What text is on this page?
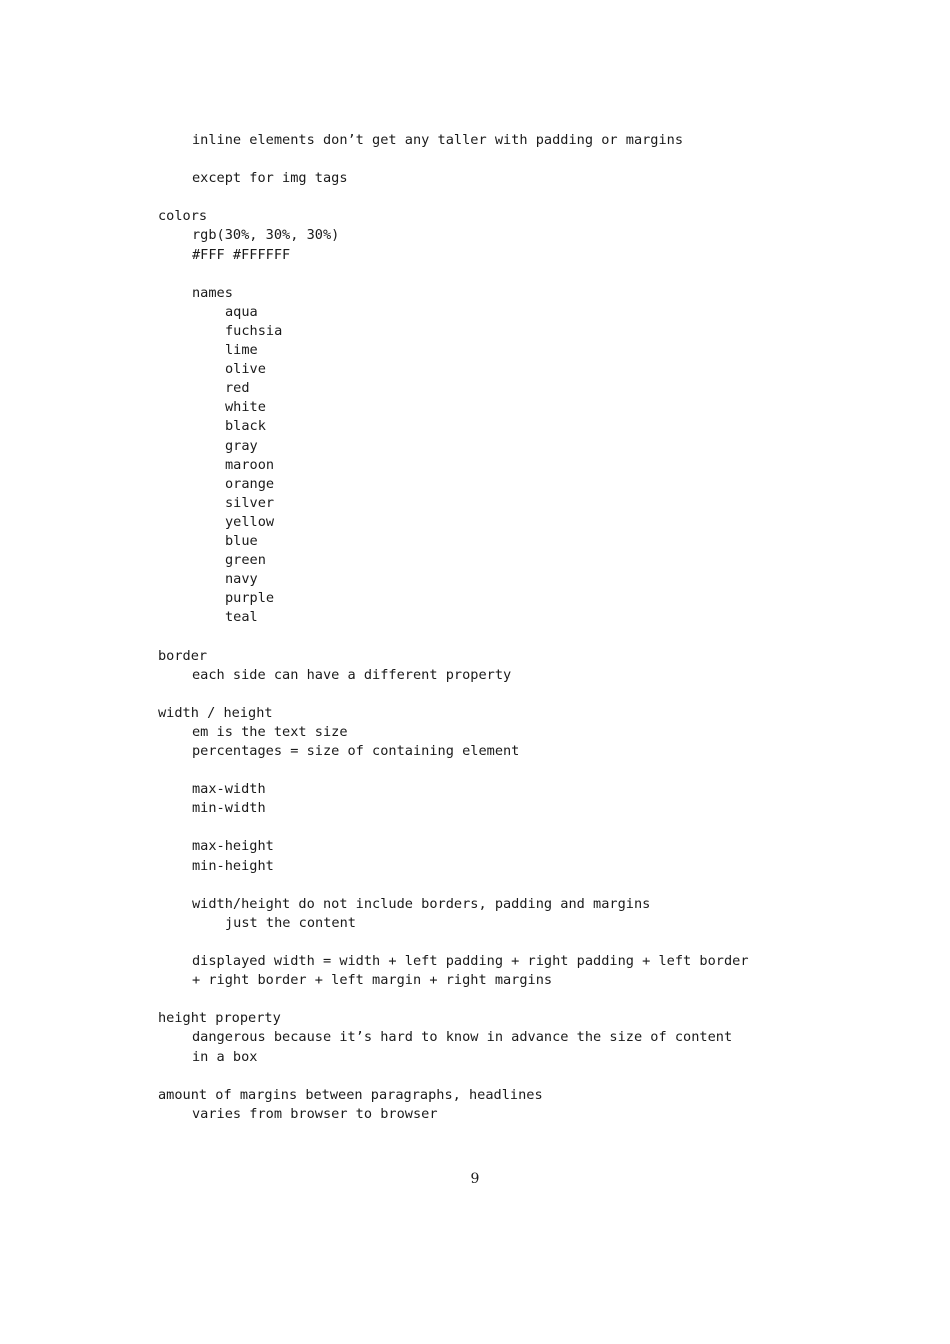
inline elements don’t get any taller with padding or margins
except for img tags
colors
rgb(30%, 30%, 30%)
#FFF #FFFFFF
names
aqua
fuchsia
lime
olive
red
white
black
gray
maroon
orange
silver
yellow
blue
green
navy
purple
teal
border
each side can have a different property
width / height
em is the text size
percentages = size of containing element
max-width
min-width
max-height
min-height
width/height do not include borders, padding and margins
just the content
displayed width = width + left padding + right padding + left border
+ right border + left margin + right margins
height property
dangerous because it’s hard to know in advance the size of content
in a box
amount of margins between paragraphs, headlines
varies from browser to browser
9
